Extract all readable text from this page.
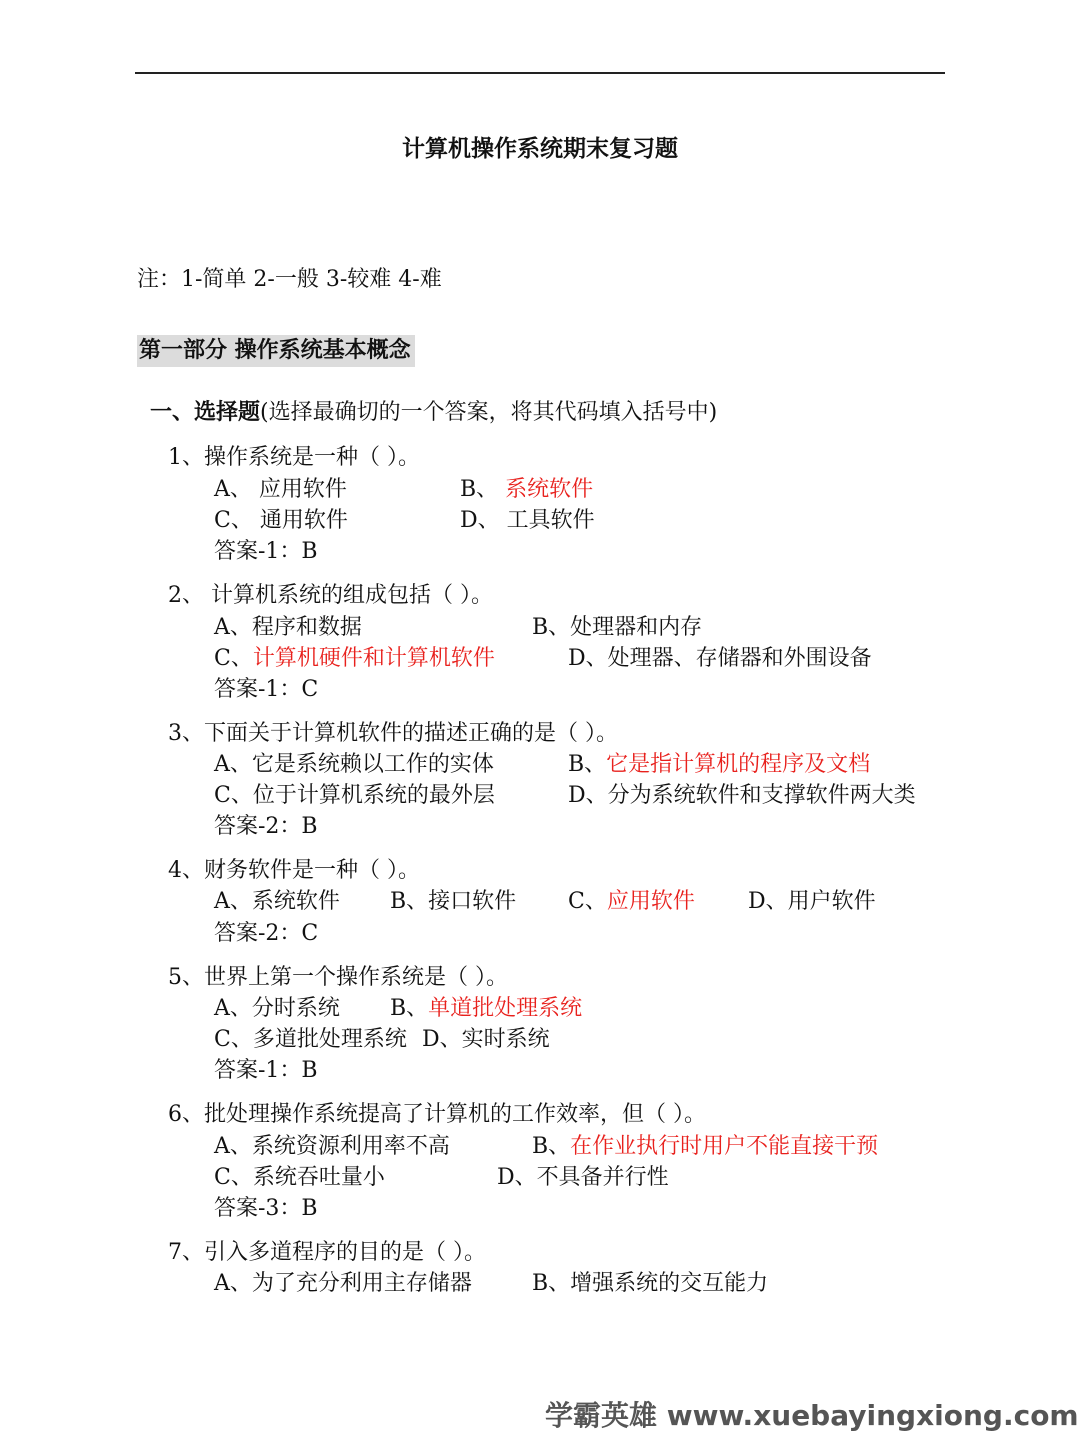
计算机操作系统期末复习题
注：1-简单 2-一般 3-较难 4-难
第一部分 操作系统基本概念
一、选择题(选择最确切的一个答案，将其代码填入括号中)
1、操作系统是一种（ ）。
A、 应用软件	B、 系统软件
C、 通用软件	D、 工具软件
答案-1：B
2、 计算机系统的组成包括（ ）。
A、程序和数据	B、处理器和内存
C、计算机硬件和计算机软件	D、处理器、存储器和外围设备
答案-1：C
3、下面关于计算机软件的描述正确的是（ ）。
A、它是系统赖以工作的实体	B、它是指计算机的程序及文档
C、位于计算机系统的最外层	D、分为系统软件和支撑软件两大类
答案-2：B
4、财务软件是一种（ ）。
A、系统软件 B、接口软件 C、应用软件 D、用户软件
答案-2：C
5、世界上第一个操作系统是（ ）。
A、分时系统 B、单道批处理系统
C、多道批处理系统 D、实时系统
答案-1：B
6、批处理操作系统提高了计算机的工作效率，但（ ）。
A、系统资源利用率不高	B、在作业执行时用户不能直接干预
C、系统吞吐量小	D、不具备并行性
答案-3：B
7、引入多道程序的目的是（ ）。
A、为了充分利用主存储器	B、增强系统的交互能力
学霸英雄 www.xuebayingxiong.com
